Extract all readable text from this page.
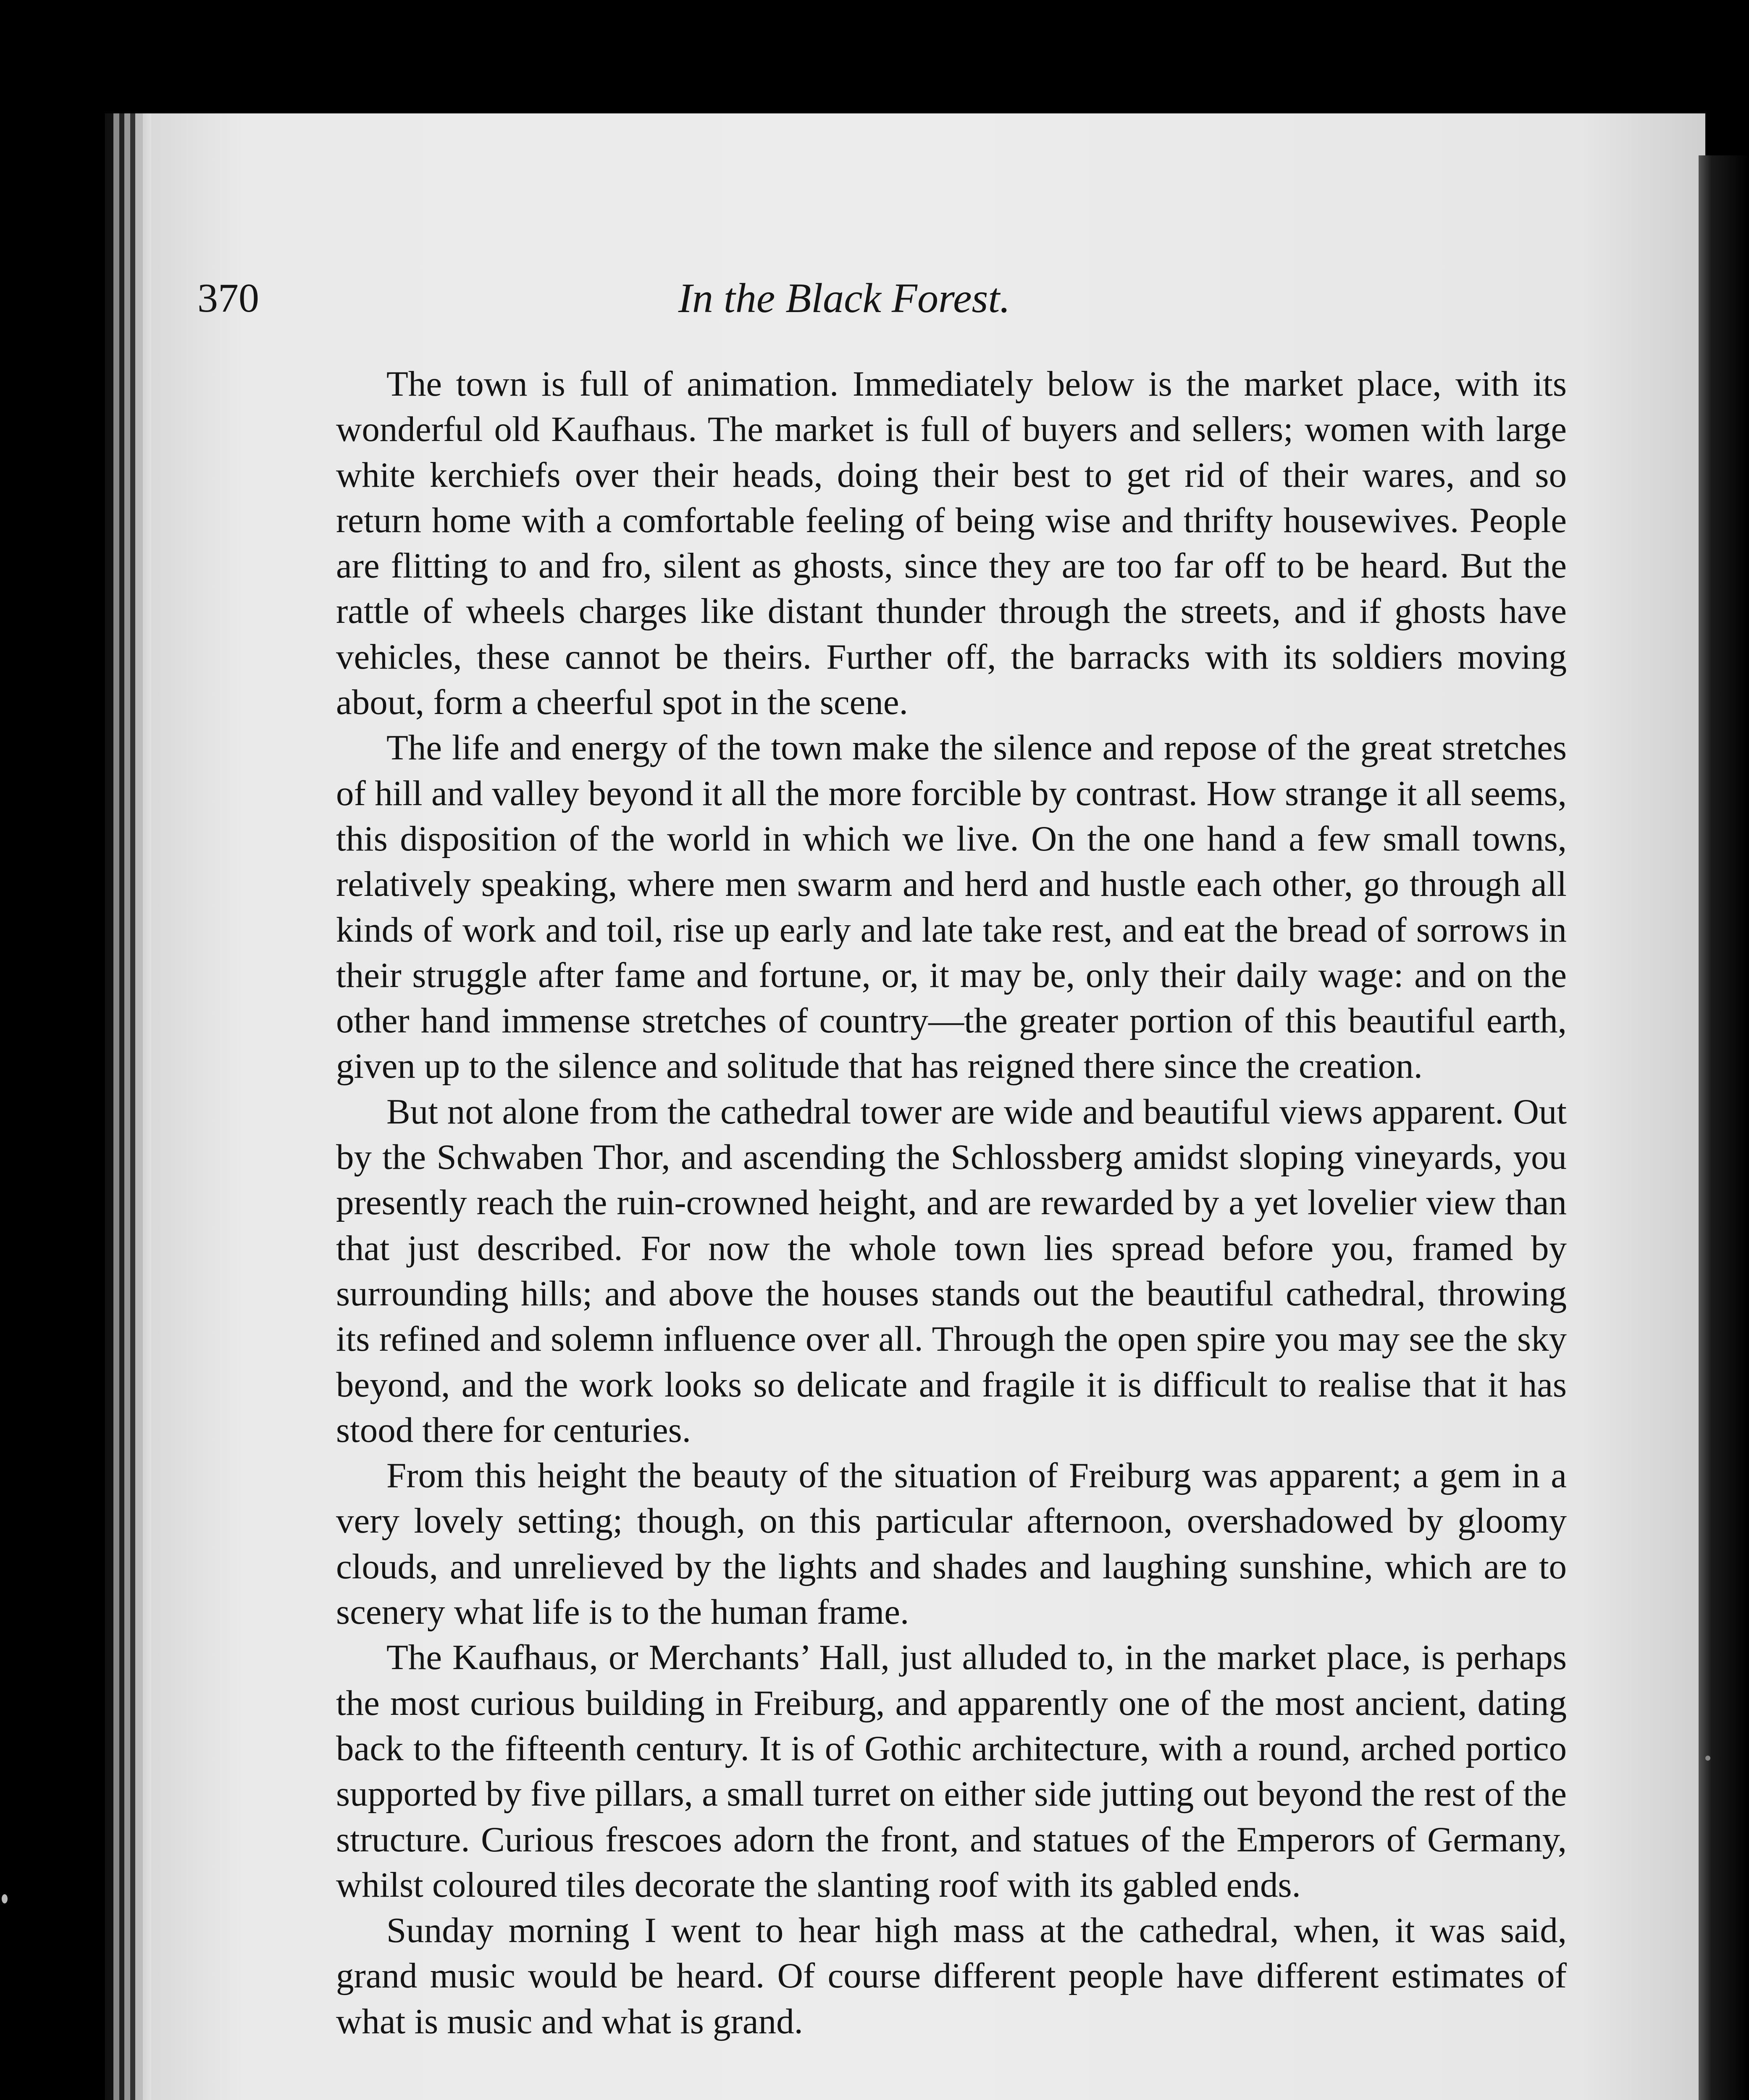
370	In the Black Forest.

The town is full of animation. Immediately below is the market place, with its wonderful old Kaufhaus. The market is full of buyers and sellers; women with large white kerchiefs over their heads, doing their best to get rid of their wares, and so return home with a comfortable feeling of being wise and thrifty housewives. People are flitting to and fro, silent as ghosts, since they are too far off to be heard. But the rattle of wheels charges like distant thunder through the streets, and if ghosts have vehicles, these cannot be theirs. Further off, the barracks with its soldiers moving about, form a cheerful spot in the scene.

The life and energy of the town make the silence and repose of the great stretches of hill and valley beyond it all the more forcible by contrast. How strange it all seems, this disposition of the world in which we live. On the one hand a few small towns, relatively speaking, where men swarm and herd and hustle each other, go through all kinds of work and toil, rise up early and late take rest, and eat the bread of sorrows in their struggle after fame and fortune, or, it may be, only their daily wage: and on the other hand immense stretches of country—the greater portion of this beautiful earth, given up to the silence and solitude that has reigned there since the creation.

But not alone from the cathedral tower are wide and beautiful views apparent. Out by the Schwaben Thor, and ascending the Schlossberg amidst sloping vineyards, you presently reach the ruin-crowned height, and are rewarded by a yet lovelier view than that just described. For now the whole town lies spread before you, framed by surrounding hills; and above the houses stands out the beautiful cathedral, throwing its refined and solemn influence over all. Through the open spire you may see the sky beyond, and the work looks so delicate and fragile it is difficult to realise that it has stood there for centuries.

From this height the beauty of the situation of Freiburg was apparent; a gem in a very lovely setting; though, on this particular afternoon, overshadowed by gloomy clouds, and unrelieved by the lights and shades and laughing sunshine, which are to scenery what life is to the human frame.

The Kaufhaus, or Merchants’ Hall, just alluded to, in the market place, is perhaps the most curious building in Freiburg, and apparently one of the most ancient, dating back to the fifteenth century. It is of Gothic architecture, with a round, arched portico supported by five pillars, a small turret on either side jutting out beyond the rest of the structure. Curious frescoes adorn the front, and statues of the Emperors of Germany, whilst coloured tiles decorate the slanting roof with its gabled ends.

Sunday morning I went to hear high mass at the cathedral, when, it was said, grand music would be heard. Of course different people have different estimates of what is music and what is grand.
